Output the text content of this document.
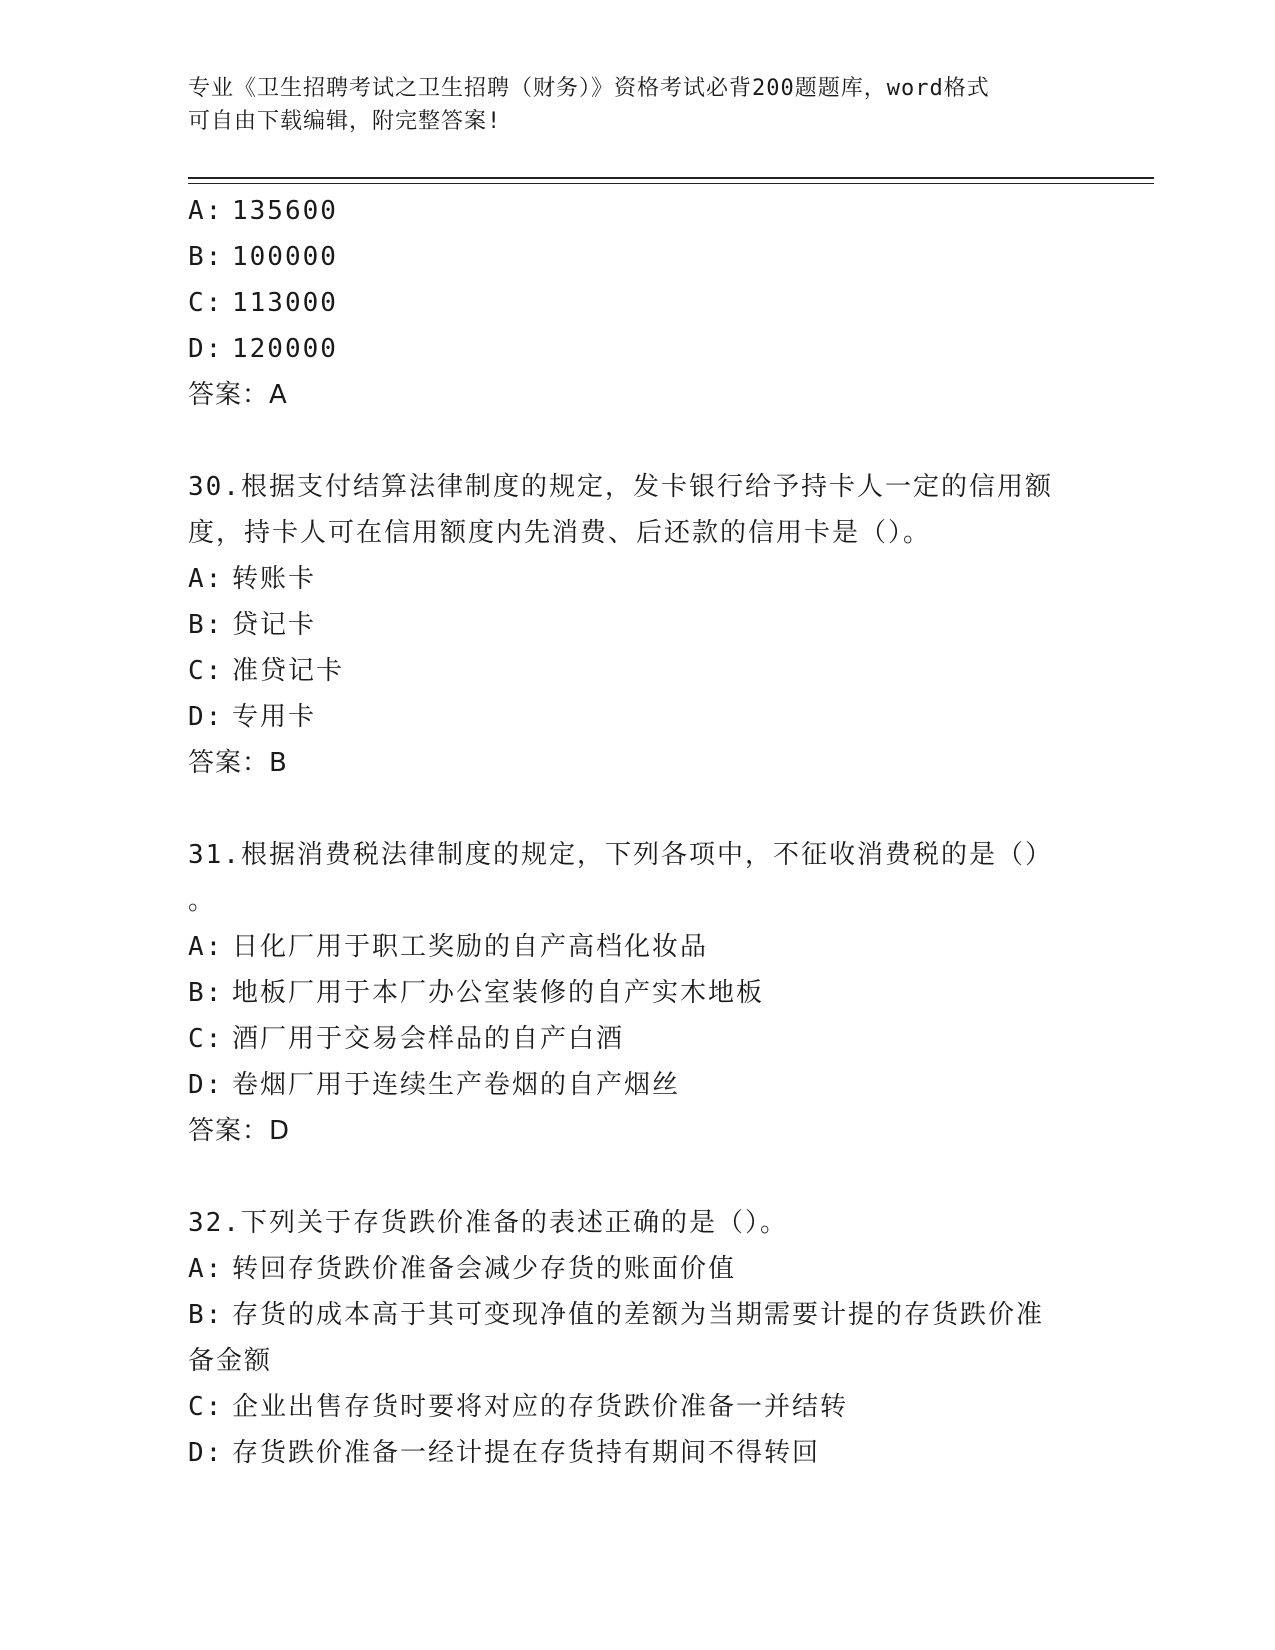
专业《卫生招聘考试之卫生招聘（财务）》资格考试必背200题题库，word格式
可自由下载编辑，附完整答案!
A: 135600
B: 100000
C: 113000
D: 120000
答案：A
30.根据支付结算法律制度的规定，发卡银行给予持卡人一定的信用额
度，持卡人可在信用额度内先消费、后还款的信用卡是（）。
A: 转账卡
B: 贷记卡
C: 准贷记卡
D: 专用卡
答案：B
31.根据消费税法律制度的规定，下列各项中，不征收消费税的是（）
。
A: 日化厂用于职工奖励的自产高档化妆品
B: 地板厂用于本厂办公室装修的自产实木地板
C: 酒厂用于交易会样品的自产白酒
D: 卷烟厂用于连续生产卷烟的自产烟丝
答案：D
32.下列关于存货跌价准备的表述正确的是（）。
A: 转回存货跌价准备会减少存货的账面价值
B: 存货的成本高于其可变现净值的差额为当期需要计提的存货跌价准
备金额
C: 企业出售存货时要将对应的存货跌价准备一并结转
D: 存货跌价准备一经计提在存货持有期间不得转回
